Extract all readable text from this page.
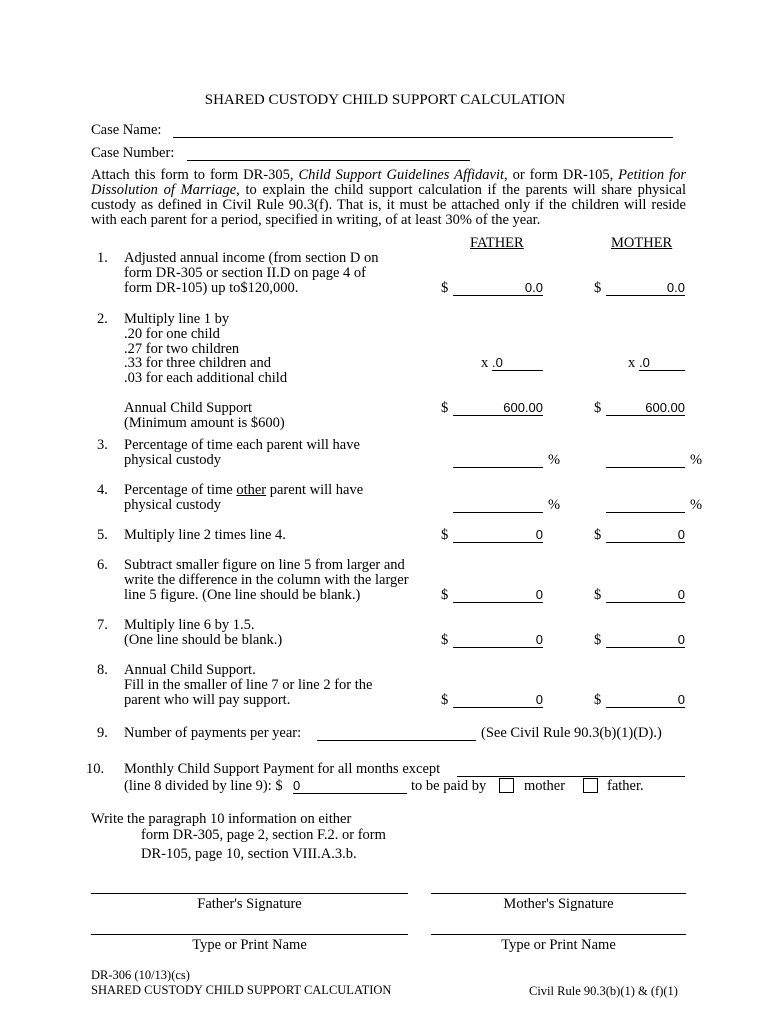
SHARED CUSTODY CHILD SUPPORT CALCULATION
Case Name:
Case Number:
Attach this form to form DR-305, Child Support Guidelines Affidavit, or form DR-105, Petition for Dissolution of Marriage, to explain the child support calculation if the parents will share physical custody as defined in Civil Rule 90.3(f). That is, it must be attached only if the children will reside with each parent for a period, specified in writing, of at least 30% of the year.
FATHER	MOTHER
1. Adjusted annual income (from section D on
form DR-305 or section II.D on page 4 of
form DR-105) up to$120,000.	$	0.0	$	0.0
2. Multiply line 1 by
.20 for one child
.27 for two children
.33 for three children and
.03 for each additional child
x .0	x .0
Annual Child Support
(Minimum amount is $600)
$	600.00	$	600.00
3. Percentage of time each parent will have
physical custody	%	%
4. Percentage of time other parent will have
physical custody	%	%
5. Multiply line 2 times line 4.	$	0	$	0
6. Subtract smaller figure on line 5 from larger and
write the difference in the column with the larger
line 5 figure. (One line should be blank.)	$	0	$	0
7. Multiply line 6 by 1.5.
(One line should be blank.)	$	0	$	0
8. Annual Child Support.
Fill in the smaller of line 7 or line 2 for the
parent who will pay support.	$	0	$	0
9. Number of payments per year:	(See Civil Rule 90.3(b)(1)(D).)
10. Monthly Child Support Payment for all months except
(line 8 divided by line 9): $ 0	to be paid by	mother	father.
Write the paragraph 10 information on either
form DR-305, page 2, section F.2. or form
DR-105, page 10, section VIII.A.3.b.
Father's Signature	Mother's Signature
Type or Print Name	Type or Print Name
DR-306 (10/13)(cs)
SHARED CUSTODY CHILD SUPPORT CALCULATION	Civil Rule 90.3(b)(1) & (f)(1)
